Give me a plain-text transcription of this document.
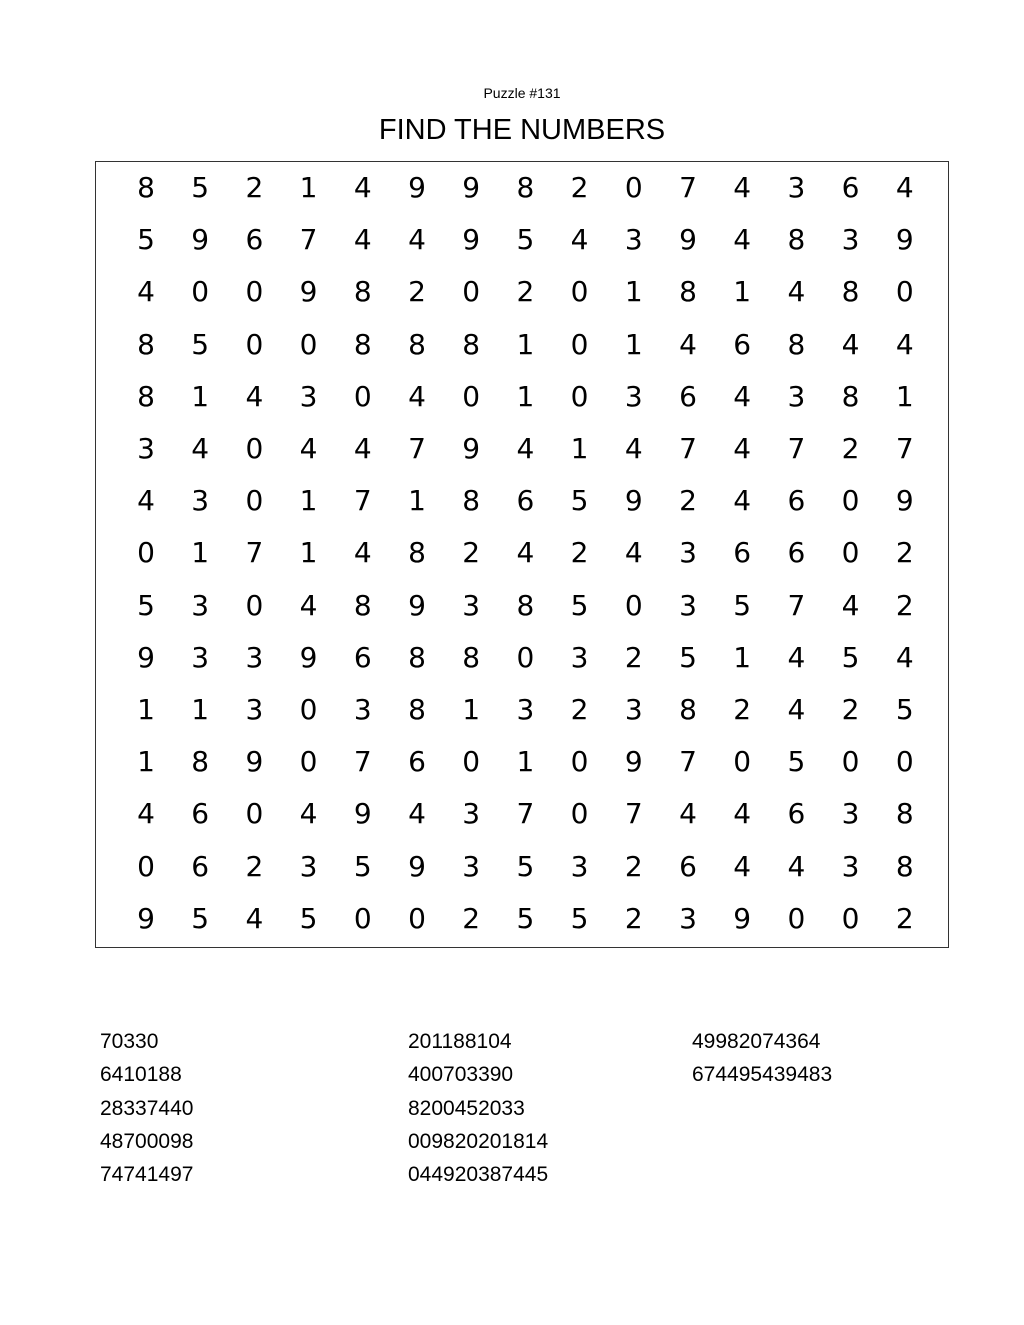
Puzzle #131
FIND THE NUMBERS
8	5	2	1	4	9	9	8	2	0	7	4	3	6	4
5	9	6	7	4	4	9	5	4	3	9	4	8	3	9
4	0	0	9	8	2	0	2	0	1	8	1	4	8	0
8	5	0	0	8	8	8	1	0	1	4	6	8	4	4
8	1	4	3	0	4	0	1	0	3	6	4	3	8	1
3	4	0	4	4	7	9	4	1	4	7	4	7	2	7
4	3	0	1	7	1	8	6	5	9	2	4	6	0	9
0	1	7	1	4	8	2	4	2	4	3	6	6	0	2
5	3	0	4	8	9	3	8	5	0	3	5	7	4	2
9	3	3	9	6	8	8	0	3	2	5	1	4	5	4
1	1	3	0	3	8	1	3	2	3	8	2	4	2	5
1	8	9	0	7	6	0	1	0	9	7	0	5	0	0
4	6	0	4	9	4	3	7	0	7	4	4	6	3	8
0	6	2	3	5	9	3	5	3	2	6	4	4	3	8
9	5	4	5	0	0	2	5	5	2	3	9	0	0	2
70330
6410188
28337440
48700098
74741497
201188104
400703390
8200452033
009820201814
044920387445
49982074364
674495439483
